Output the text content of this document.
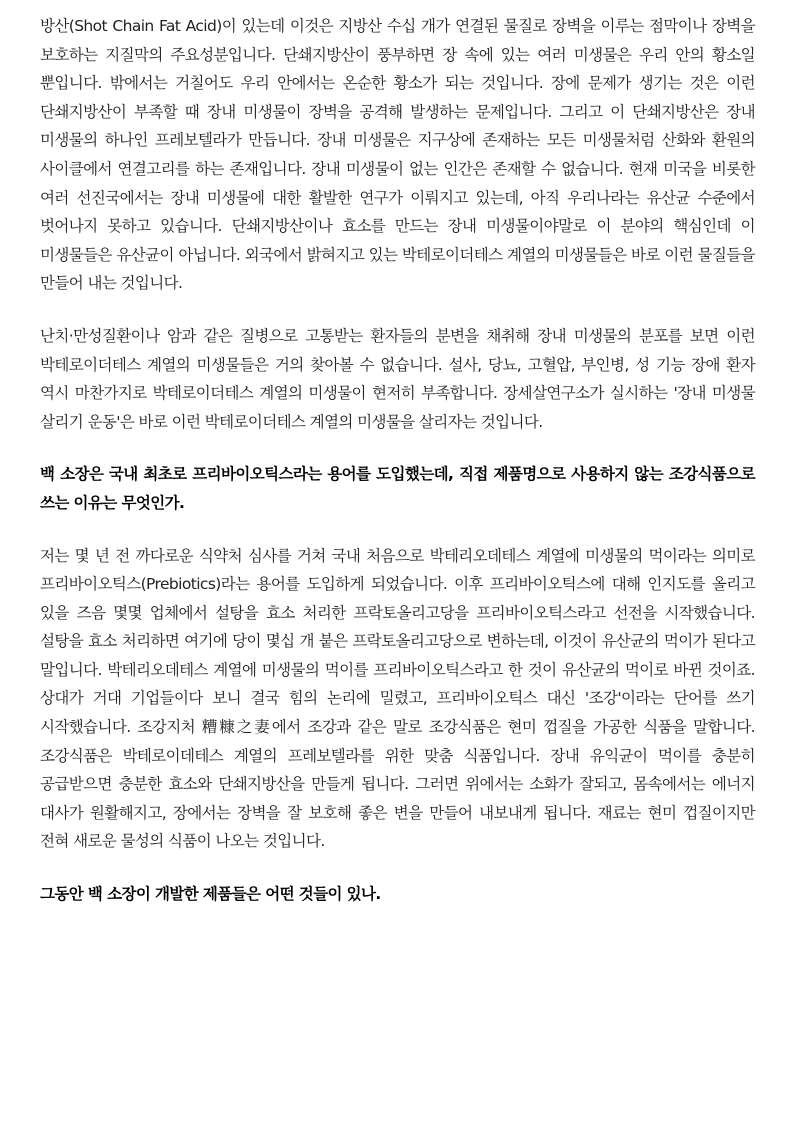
방산(Shot Chain Fat Acid)이 있는데 이것은 지방산 수십 개가 연결된 물질로 장벽을 이루는 점막이나 장벽을 보호하는 지질막의 주요성분입니다. 단쇄지방산이 풍부하면 장 속에 있는 여러 미생물은 우리 안의 황소일 뿐입니다. 밖에서는 거칠어도 우리 안에서는 온순한 황소가 되는 것입니다. 장에 문제가 생기는 것은 이런 단쇄지방산이 부족할 때 장내 미생물이 장벽을 공격해 발생하는 문제입니다. 그리고 이 단쇄지방산은 장내 미생물의 하나인 프레보텔라가 만듭니다. 장내 미생물은 지구상에 존재하는 모든 미생물처럼 산화와 환원의 사이클에서 연결고리를 하는 존재입니다. 장내 미생물이 없는 인간은 존재할 수 없습니다. 현재 미국을 비롯한 여러 선진국에서는 장내 미생물에 대한 활발한 연구가 이뤄지고 있는데, 아직 우리나라는 유산균 수준에서 벗어나지 못하고 있습니다. 단쇄지방산이나 효소를 만드는 장내 미생물이야말로 이 분야의 핵심인데 이 미생물들은 유산균이 아닙니다. 외국에서 밝혀지고 있는 박테로이더테스 계열의 미생물들은 바로 이런 물질들을 만들어 내는 것입니다.

난치·만성질환이나 암과 같은 질병으로 고통받는 환자들의 분변을 채취해 장내 미생물의 분포를 보면 이런 박테로이더테스 계열의 미생물들은 거의 찾아볼 수 없습니다. 설사, 당뇨, 고혈압, 부인병, 성 기능 장애 환자 역시 마찬가지로 박테로이더테스 계열의 미생물이 현저히 부족합니다. 장세살연구소가 실시하는 '장내 미생물 살리기 운동'은 바로 이런 박테로이더테스 계열의 미생물을 살리자는 것입니다.

백 소장은 국내 최초로 프리바이오틱스라는 용어를 도입했는데, 직접 제품명으로 사용하지 않는 조강식품으로 쓰는 이유는 무엇인가.

저는 몇 년 전 까다로운 식약처 심사를 거쳐 국내 처음으로 박테리오데테스 계열에 미생물의 먹이라는 의미로 프리바이오틱스(Prebiotics)라는 용어를 도입하게 되었습니다. 이후 프리바이오틱스에 대해 인지도를 올리고 있을 즈음 몇몇 업체에서 설탕을 효소 처리한 프락토올리고당을 프리바이오틱스라고 선전을 시작했습니다. 설탕을 효소 처리하면 여기에 당이 몇십 개 붙은 프락토올리고당으로 변하는데, 이것이 유산균의 먹이가 된다고 말입니다. 박테리오데테스 계열에 미생물의 먹이를 프리바이오틱스라고 한 것이 유산균의 먹이로 바뀐 것이죠. 상대가 거대 기업들이다 보니 결국 힘의 논리에 밀렸고, 프리바이오틱스 대신 '조강'이라는 단어를 쓰기 시작했습니다. 조강지처 糟糠之妻에서 조강과 같은 말로 조강식품은 현미 껍질을 가공한 식품을 말합니다. 조강식품은 박테로이데테스 계열의 프레보텔라를 위한 맞춤 식품입니다. 장내 유익균이 먹이를 충분히 공급받으면 충분한 효소와 단쇄지방산을 만들게 됩니다. 그러면 위에서는 소화가 잘되고, 몸속에서는 에너지 대사가 원활해지고, 장에서는 장벽을 잘 보호해 좋은 변을 만들어 내보내게 됩니다. 재료는 현미 껍질이지만 전혀 새로운 물성의 식품이 나오는 것입니다.

그동안 백 소장이 개발한 제품들은 어떤 것들이 있나.
